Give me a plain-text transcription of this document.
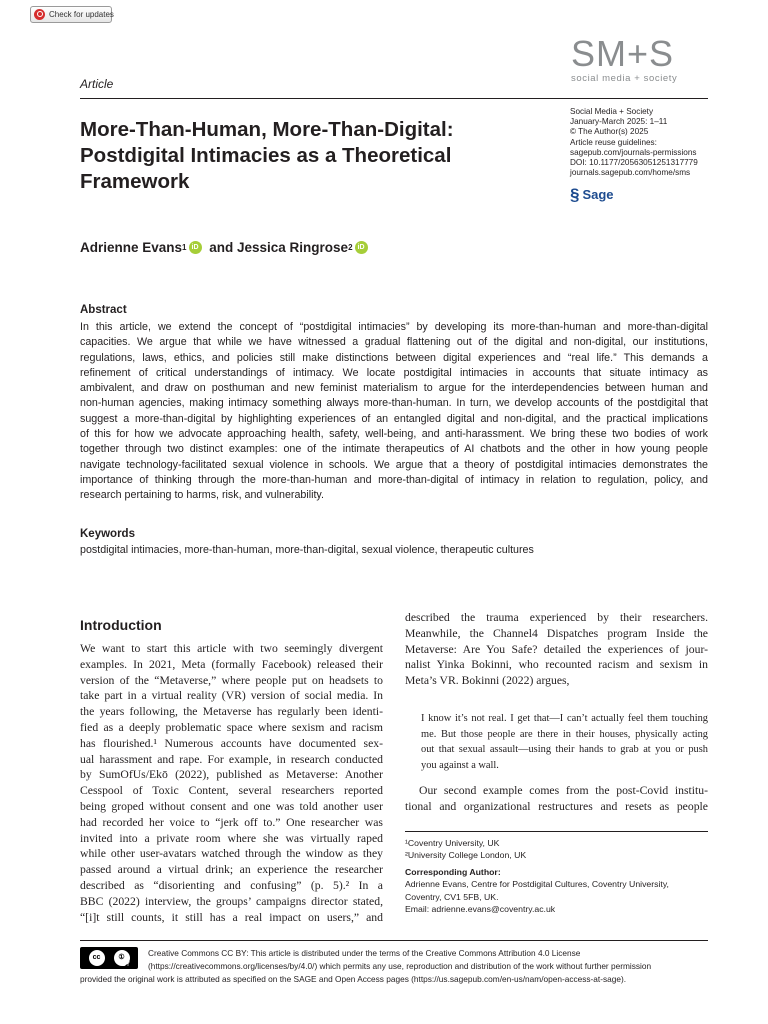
Check for updates
SM+S
social media + society
Article
Social Media + Society
January-March 2025: 1–11
© The Author(s) 2025
Article reuse guidelines:
sagepub.com/journals-permissions
DOI: 10.1177/20563051251317779
journals.sagepub.com/home/sms
§ Sage
More-Than-Human, More-Than-Digital:
Postdigital Intimacies as a Theoretical
Framework
Adrienne Evans 1 iD and Jessica Ringrose 2 iD
Abstract
In this article, we extend the concept of “postdigital intimacies” by developing its more-than-human and more-than-digital
capacities. We argue that while we have witnessed a gradual flattening out of the digital and non-digital, our institutions,
regulations, laws, ethics, and policies still make distinctions between digital experiences and “real life.” This demands a
refinement of critical understandings of intimacy. We locate postdigital intimacies in accounts that situate intimacy as
ambivalent, and draw on posthuman and new feminist materialism to argue for the interdependencies between human and
non-human agencies, making intimacy something always more-than-human. In turn, we develop accounts of the postdigital that
suggest a more-than-digital by highlighting experiences of an entangled digital and non-digital, and the practical implications
of this for how we advocate approaching health, safety, well-being, and anti-harassment. We bring these two bodies of work
together through two distinct examples: one of the intimate therapeutics of AI chatbots and the other in how young people
navigate technology-facilitated sexual violence in schools. We argue that a theory of postdigital intimacies demonstrates the
importance of thinking through the more-than-human and more-than-digital of intimacy in relation to regulation, policy, and
research pertaining to harms, risk, and vulnerability.
Keywords
postdigital intimacies, more-than-human, more-than-digital, sexual violence, therapeutic cultures
Introduction
We want to start this article with two seemingly divergent
examples. In 2021, Meta (formally Facebook) released their
version of the “Metaverse,” where people put on headsets to
take part in a virtual reality (VR) version of social media. In
the years following, the Metaverse has regularly been identi-
fied as a deeply problematic space where sexism and racism
has flourished.¹ Numerous accounts have documented sex-
ual harassment and rape. For example, in research conducted
by SumOfUs/Ekō (2022), published as Metaverse: Another
Cesspool of Toxic Content, several researchers reported
being groped without consent and one was told another user
had recorded her voice to “jerk off to.” One researcher was
invited into a private room where she was virtually raped
while other user-avatars watched through the window as they
passed around a virtual drink; an experience the researcher
described as “disorienting and confusing” (p. 5).² In a
BBC (2022) interview, the groups’ campaigns director stated,
“[i]t still counts, it still has a real impact on users,” and
described the trauma experienced by their researchers.
Meanwhile, the Channel4 Dispatches program Inside the
Metaverse: Are You Safe? detailed the experiences of jour-
nalist Yinka Bokinni, who recounted racism and sexism in
Meta’s VR. Bokinni (2022) argues,
I know it’s not real. I get that—I can’t actually feel them touching
me. But those people are there in their houses, physically acting
out that sexual assault—using their hands to grab at you or push
you against a wall.
Our second example comes from the post-Covid institu-
tional and organizational restructures and resets as people
¹Coventry University, UK
²University College London, UK
Corresponding Author:
Adrienne Evans, Centre for Postdigital Cultures, Coventry University,
Coventry, CV1 5FB, UK.
Email: adrienne.evans@coventry.ac.uk
cc	①
BY
Creative Commons CC BY: This article is distributed under the terms of the Creative Commons Attribution 4.0 License
(https://creativecommons.org/licenses/by/4.0/) which permits any use, reproduction and distribution of the work without further permission
provided the original work is attributed as specified on the SAGE and Open Access pages (https://us.sagepub.com/en-us/nam/open-access-at-sage).
